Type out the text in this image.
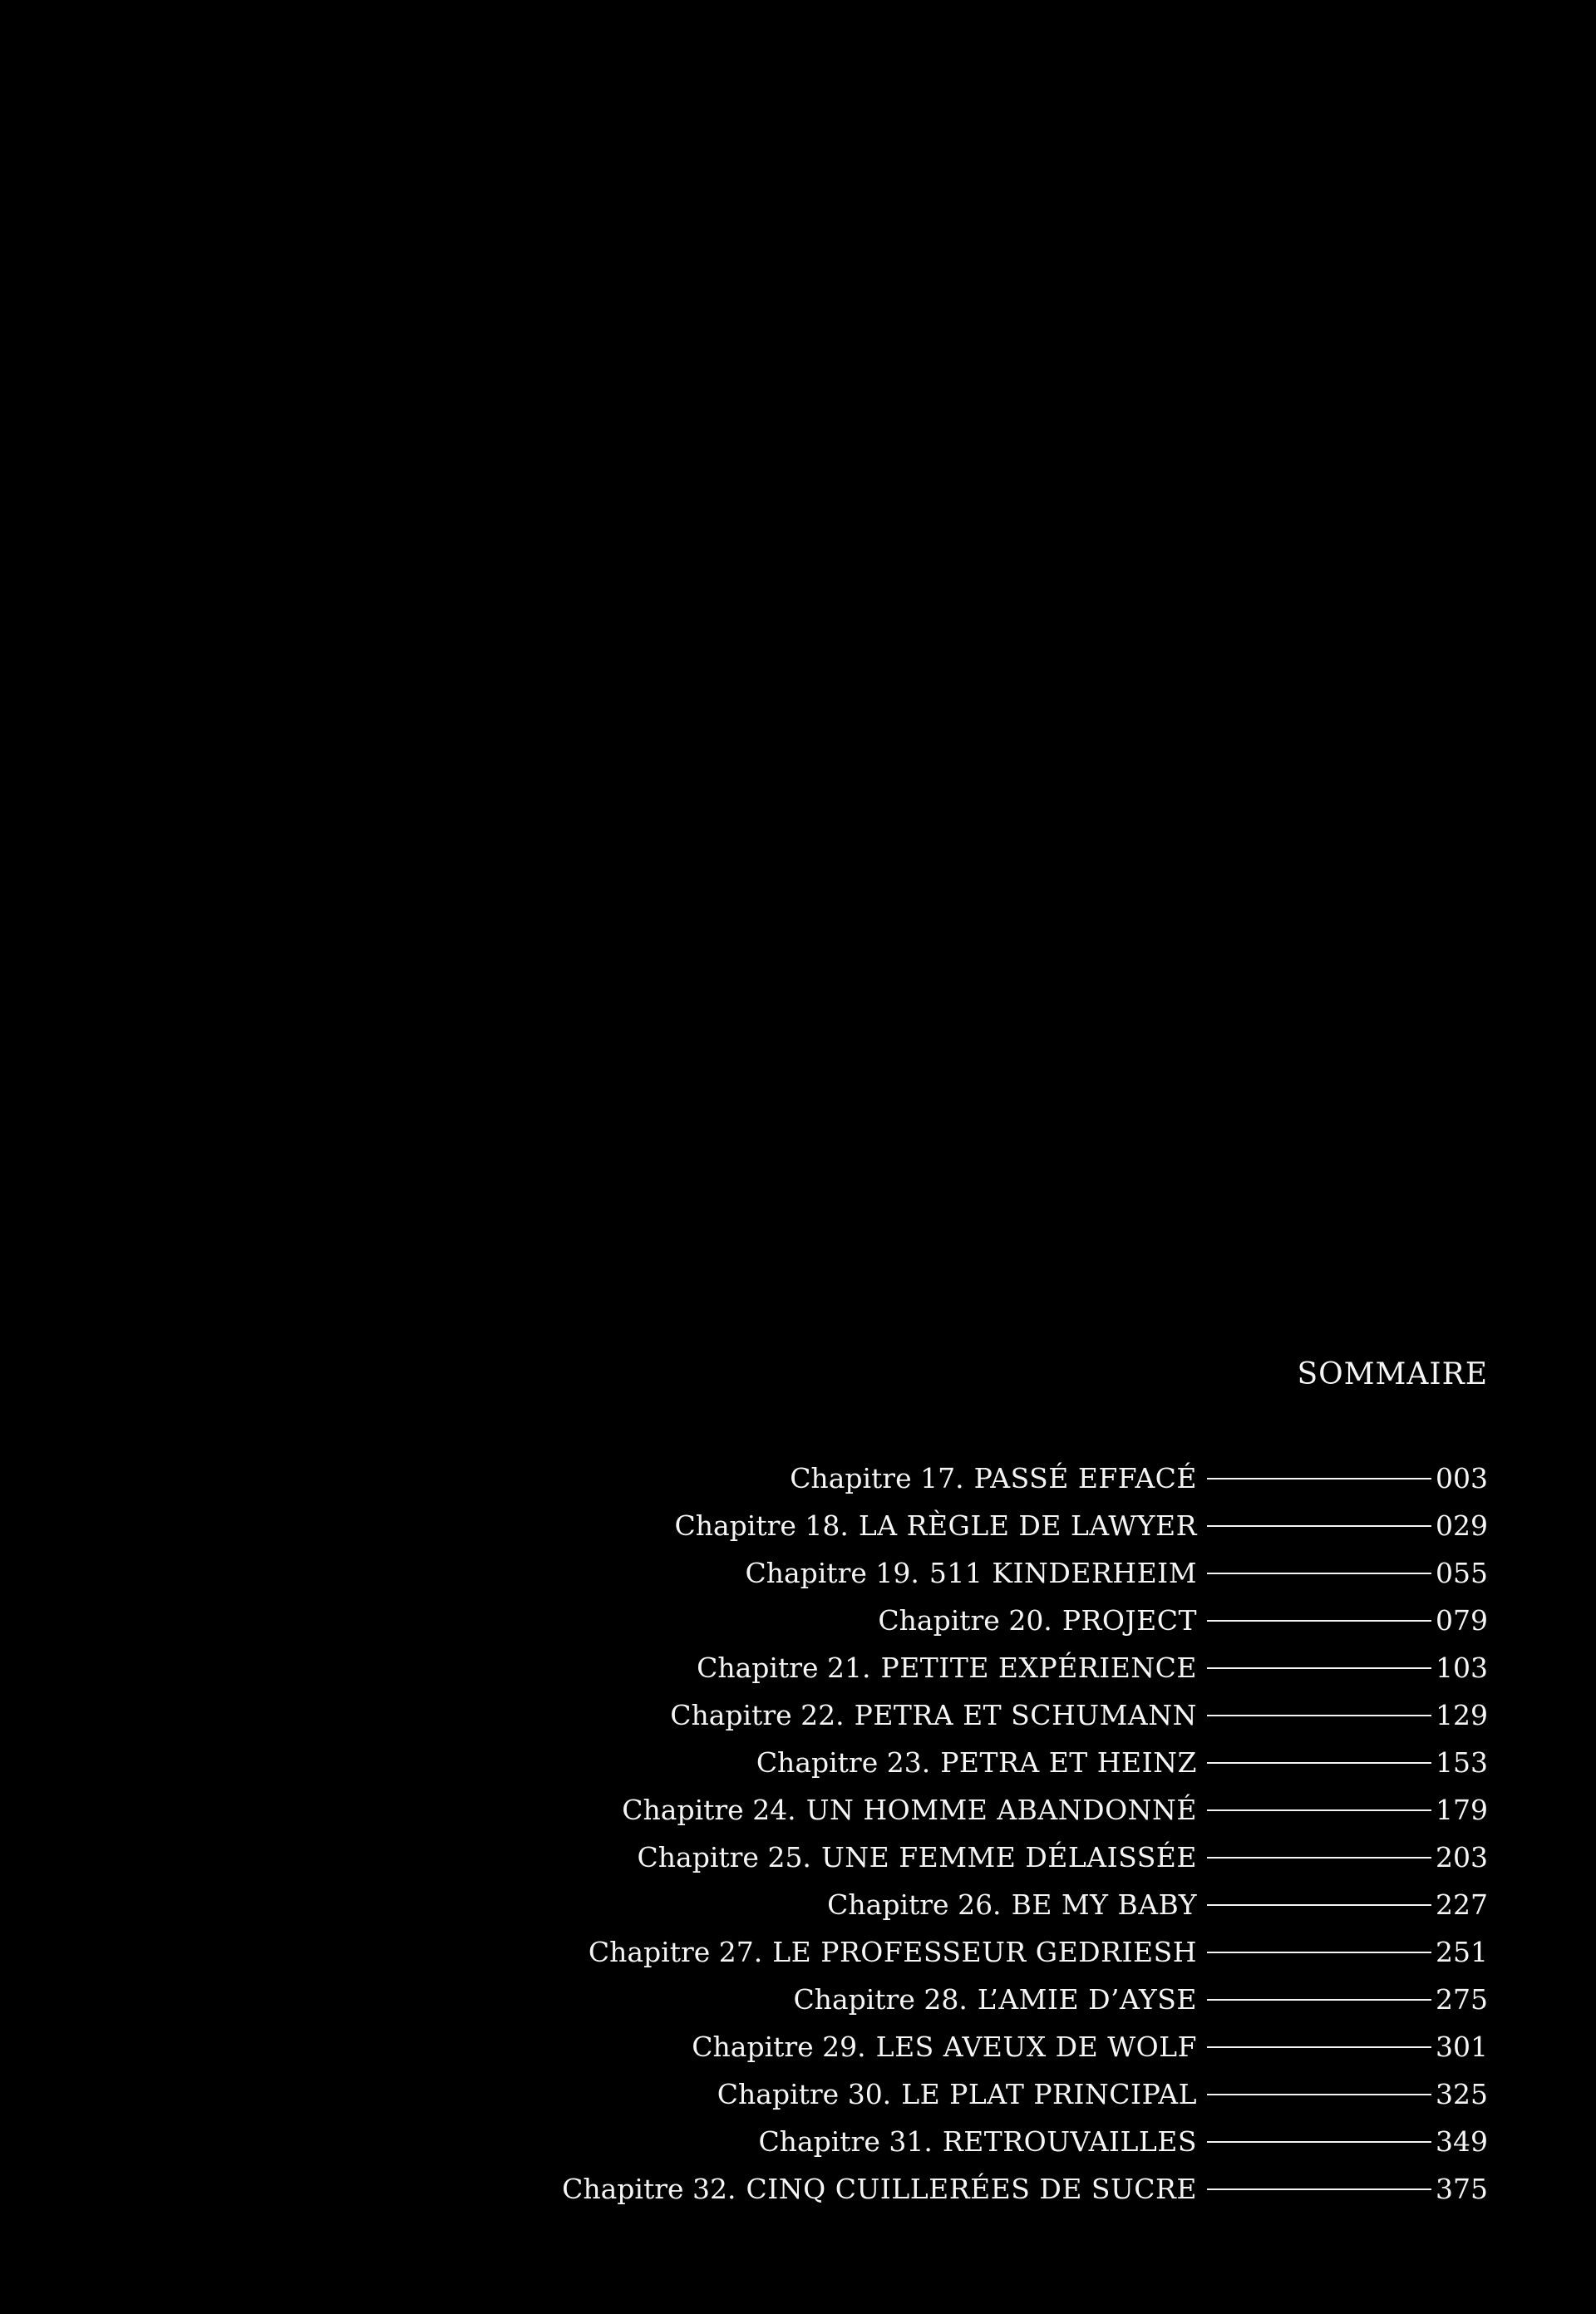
SOMMAIRE
Chapitre 17. PASSÉ EFFACÉ	003
Chapitre 18. LA RÈGLE DE LAWYER	029
Chapitre 19. 511 KINDERHEIM	055
Chapitre 20. PROJECT	079
Chapitre 21. PETITE EXPÉRIENCE	103
Chapitre 22. PETRA ET SCHUMANN	129
Chapitre 23. PETRA ET HEINZ	153
Chapitre 24. UN HOMME ABANDONNÉ	179
Chapitre 25. UNE FEMME DÉLAISSÉE	203
Chapitre 26. BE MY BABY	227
Chapitre 27. LE PROFESSEUR GEDRIESH	251
Chapitre 28. L’AMIE D’AYSE	275
Chapitre 29. LES AVEUX DE WOLF	301
Chapitre 30. LE PLAT PRINCIPAL	325
Chapitre 31. RETROUVAILLES	349
Chapitre 32. CINQ CUILLERÉES DE SUCRE	375
